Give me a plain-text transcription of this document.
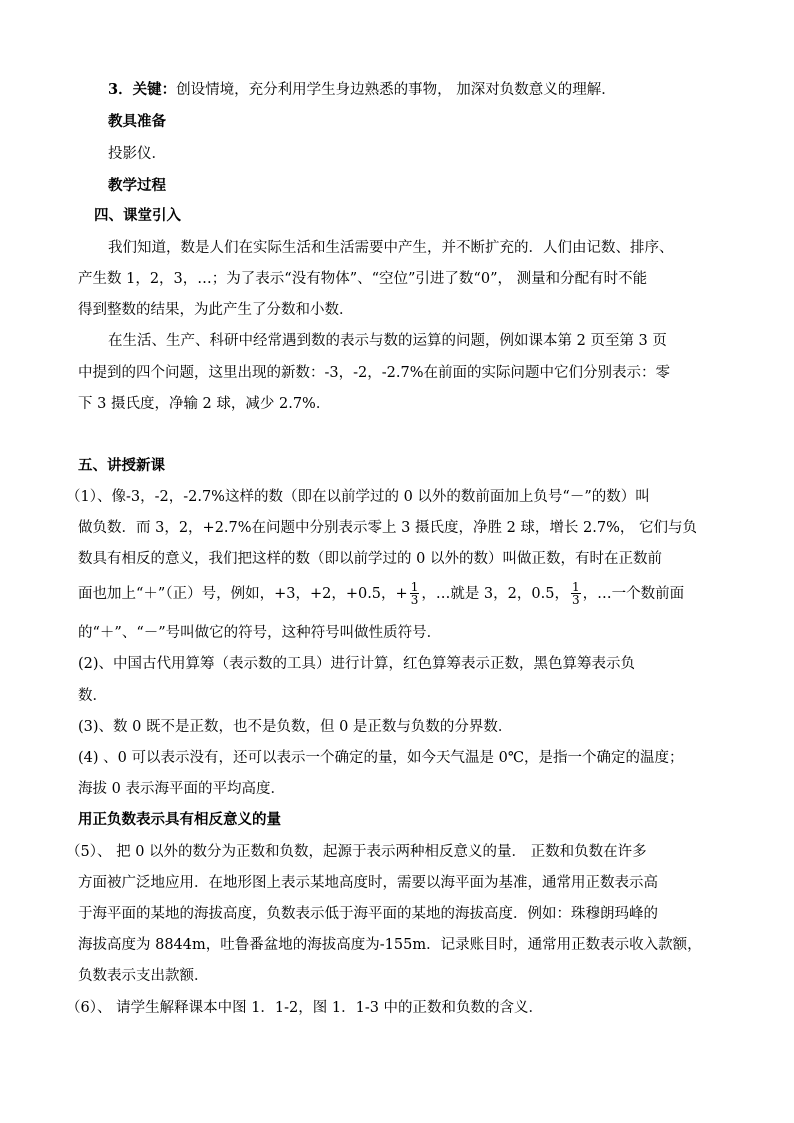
3．关键：创设情境，充分利用学生身边熟悉的事物， 加深对负数意义的理解．
教具准备
投影仪．
教学过程
四、课堂引入
我们知道，数是人们在实际生活和生活需要中产生，并不断扩充的．人们由记数、排序、
产生数 1，2，3，…；为了表示“没有物体”、“空位”引进了数“0”， 测量和分配有时不能
得到整数的结果，为此产生了分数和小数．
在生活、生产、科研中经常遇到数的表示与数的运算的问题，例如课本第 2 页至第 3 页
中提到的四个问题，这里出现的新数：-3，-2，-2.7%在前面的实际问题中它们分别表示：零
下 3 摄氏度，净输 2 球，减少 2.7%．
五、讲授新课
（1）、像-3，-2，-2.7%这样的数（即在以前学过的 0 以外的数前面加上负号“－”的数）叫
做负数．而 3，2，+2.7%在问题中分别表示零上 3 摄氏度，净胜 2 球，增长 2.7%， 它们与负
数具有相反的意义，我们把这样的数（即以前学过的 0 以外的数）叫做正数，有时在正数前
面也加上“＋”（正）号，例如，+3，+2，+0.5，+ $\frac{1}{3}$ ，…就是 3，2，0.5， $\frac{1}{3}$ ，…一个数前面
的“＋”、“－”号叫做它的符号，这种符号叫做性质符号．
(2)、中国古代用算筹（表示数的工具）进行计算，红色算筹表示正数，黑色算筹表示负
数．
(3)、数 0 既不是正数，也不是负数，但 0 是正数与负数的分界数．
(4) 、0 可以表示没有，还可以表示一个确定的量，如今天气温是 0℃，是指一个确定的温度；
海拔 0 表示海平面的平均高度．
用正负数表示具有相反意义的量
（5）、 把 0 以外的数分为正数和负数，起源于表示两种相反意义的量． 正数和负数在许多
方面被广泛地应用．在地形图上表示某地高度时，需要以海平面为基准，通常用正数表示高
于海平面的某地的海拔高度，负数表示低于海平面的某地的海拔高度．例如：珠穆朗玛峰的
海拔高度为 8844m，吐鲁番盆地的海拔高度为-155m．记录账目时，通常用正数表示收入款额，
负数表示支出款额．
（6）、 请学生解释课本中图 1．1-2，图 1．1-3 中的正数和负数的含义．
